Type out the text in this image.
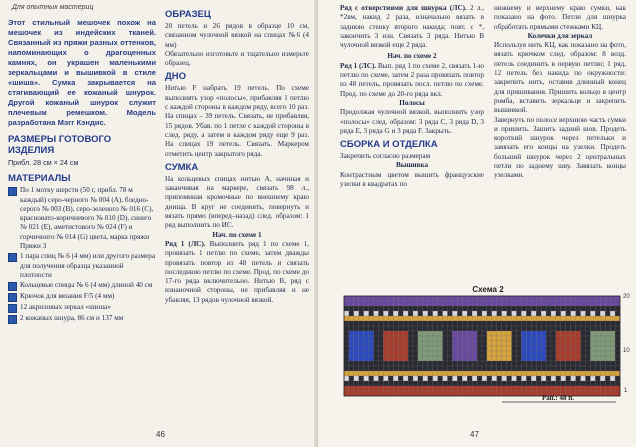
Для опытных мастериц

Этот стильный мешочек похож на мешочек из индейских тканей. Связанный из пряжи разных оттенков, напоминающих о драгоценных камнях, он украшен маленькими зеркальцами и вышивкой в стиле «шиша». Сумка закрывается на стягивающий ее кожаный шнурок. Другой кожаный шнурок служит плечевым ремешком. Модель разработана Мэгг Кэндис.

РАЗМЕРЫ ГОТОВОГО ИЗДЕЛИЯ

Прибл. 28 см × 24 см

МАТЕРИАЛЫ
По 1 мотку шерсти (50 г, прибл. 78 м каждый) серо-черного № 004 (A), бледно-серого № 003 (B), серо-зеленого № 016 (C), красновато-коричневого № 010 (D), синего № 021 (E), аметистового № 024 (F) и горчичного № 014 (G) цвета, марка пряжи Пряжи 3
1 пара спиц № 6 (4 мм) или другого размера для получения образца указанной плотности
Кольцевые спицы № 6 (4 мм) длиной 40 см
Крючок для вязания F/5 (4 мм)
12 акриловых зеркал «шиша»
2 кожаных шнура, 86 см и 137 мм
ОБРАЗЕЦ

20 петель и 26 рядов в образце 10 см, связанном чулочной вязкой на спицах №6 (4 мм)

Обязательно изготовьте и тщательно измерьте образец.

ДНО

Нитью F набрать 19 петель. По схеме выполнять узор «полосы», прибавляя 1 петлю с каждой стороны в каждом ряду, всего 10 раз. На спицах – 39 петель. Связать, не прибавляя, 15 рядов. Убав. по 1 петле с каждой стороны в след. ряду, а затем в каждом ряду еще 9 раз. На спицах 19 петель. Связать. Маркером отметить центр закрытого ряда.

СУМКА

На кольцевых спицах нитью A, начиная и заканчивая на маркере, связать 98 л., припоминая кромочные по внешнему краю днища. В круг не соединять, повернуть и вязать прямо (вперед–назад) след. образом: 1 ряд выполнить по ИС.

Нач. по схеме 1

Ряд 1 (ЛС). Выполнить ряд 1 по схеме 1, провязать 1 петлю по схеме, затем дважды провязать повтор из 48 петель и связать последнюю петлю по схеме. Прод. по схеме до 17-го ряда включительно. Нитью B, ряд с изнаночной стороны, не прибавляя и не убавляя, 13 рядов чулочной вязкой.

46

Ряд с отверстиями для шнурка (ЛС). 2 л., *2вм, накид 2 раза, изначально вязать в заднюю стенку второго накида; повт. с *, закончить 3 изн. Связать 3 ряда. Нитью B чулочной вязкой еще 2 ряда.

Нач. по схеме 2

Ряд 1 (ЛС). Вып. ряд 1 по схеме 2, связать 1-ю петлю по схеме, затем 2 раза провязать повтор из 48 петель, провязать посл. петлю по схеме. Прод. по схеме до 20-го ряда вкл.

Полосы

Продолжая чулочной вязкой, выполнить узор «полосы» след. образом: 3 ряда C, 3 ряда D, 3 ряда E, 3 ряда G и 3 ряда F. Закрыть.

СБОРКА И ОТДЕЛКА

Закрепить согласно размерам

Вышивка

Контрастным цветом вышить французские узелки в квадратах по

нижнему и верхнему краю сумки, как показано на фото. Петли для шнурка обработать прямыми стежками КЦ.

Колечки для зеркал

Используя нить КЦ, как показано на фото, вязать крючком след. образом: 8 возд. петель соединить в первую петлю; 1 ряд, 12 петель без накида по окружности: закрепить нить, оставив длинный конец для пришивания. Пришить кольцо в центр ромба, вставить зеркальце и закрепить вышивкой.

Завернуть по полосе верхнюю часть сумки и пришить. Зашить задний шов. Продеть короткий шнурок через петельки и завязать его концы на узелки. Продеть больший шнурок через 2 центральных петли по заднему шву. Завязать концы узелками.

Схема 2
20
10
1
Рап.: 48 п.
47
